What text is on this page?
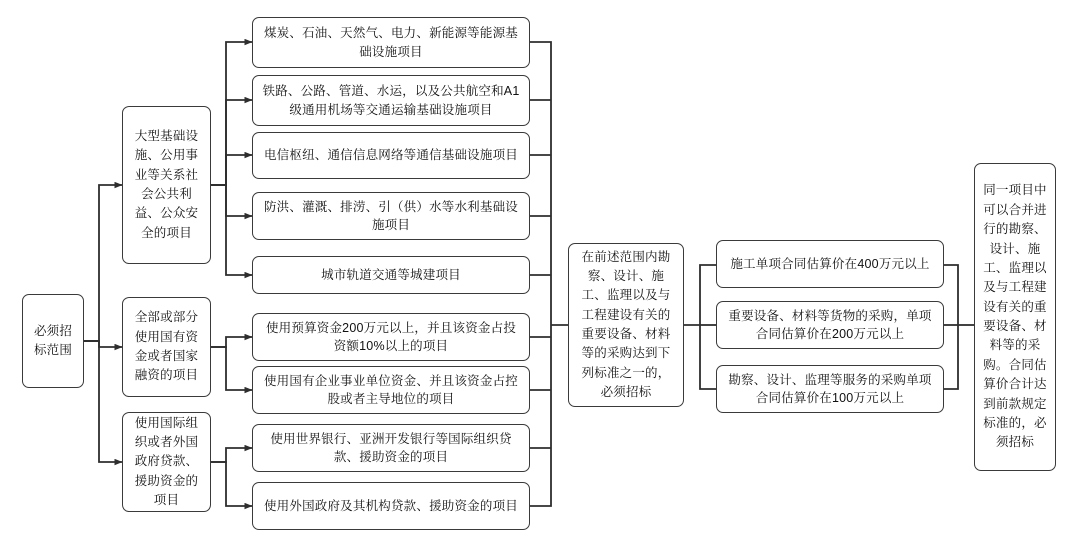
必须招标范围
大型基础设施、公用事业等关系社会公共利益、公众安全的项目
全部或部分使用国有资金或者国家融资的项目
使用国际组织或者外国政府贷款、援助资金的项目
煤炭、石油、天然气、电力、新能源等能源基础设施项目
铁路、公路、管道、水运，以及公共航空和A1级通用机场等交通运输基础设施项目
电信枢纽、通信信息网络等通信基础设施项目
防洪、灌溉、排涝、引（供）水等水利基础设施项目
城市轨道交通等城建项目
使用预算资金200万元以上，并且该资金占投资额10%以上的项目
使用国有企业事业单位资金、并且该资金占控股或者主导地位的项目
使用世界银行、亚洲开发银行等国际组织贷款、援助资金的项目
使用外国政府及其机构贷款、援助资金的项目
在前述范围内勘察、设计、施工、监理以及与工程建设有关的重要设备、材料等的采购达到下列标准之一的，必须招标
施工单项合同估算价在400万元以上
重要设备、材料等货物的采购，单项合同估算价在200万元以上
勘察、设计、监理等服务的采购单项合同估算价在100万元以上
同一项目中可以合并进行的勘察、设计、施工、监理以及与工程建设有关的重要设备、材料等的采购。合同估算价合计达到前款规定标准的，必须招标
